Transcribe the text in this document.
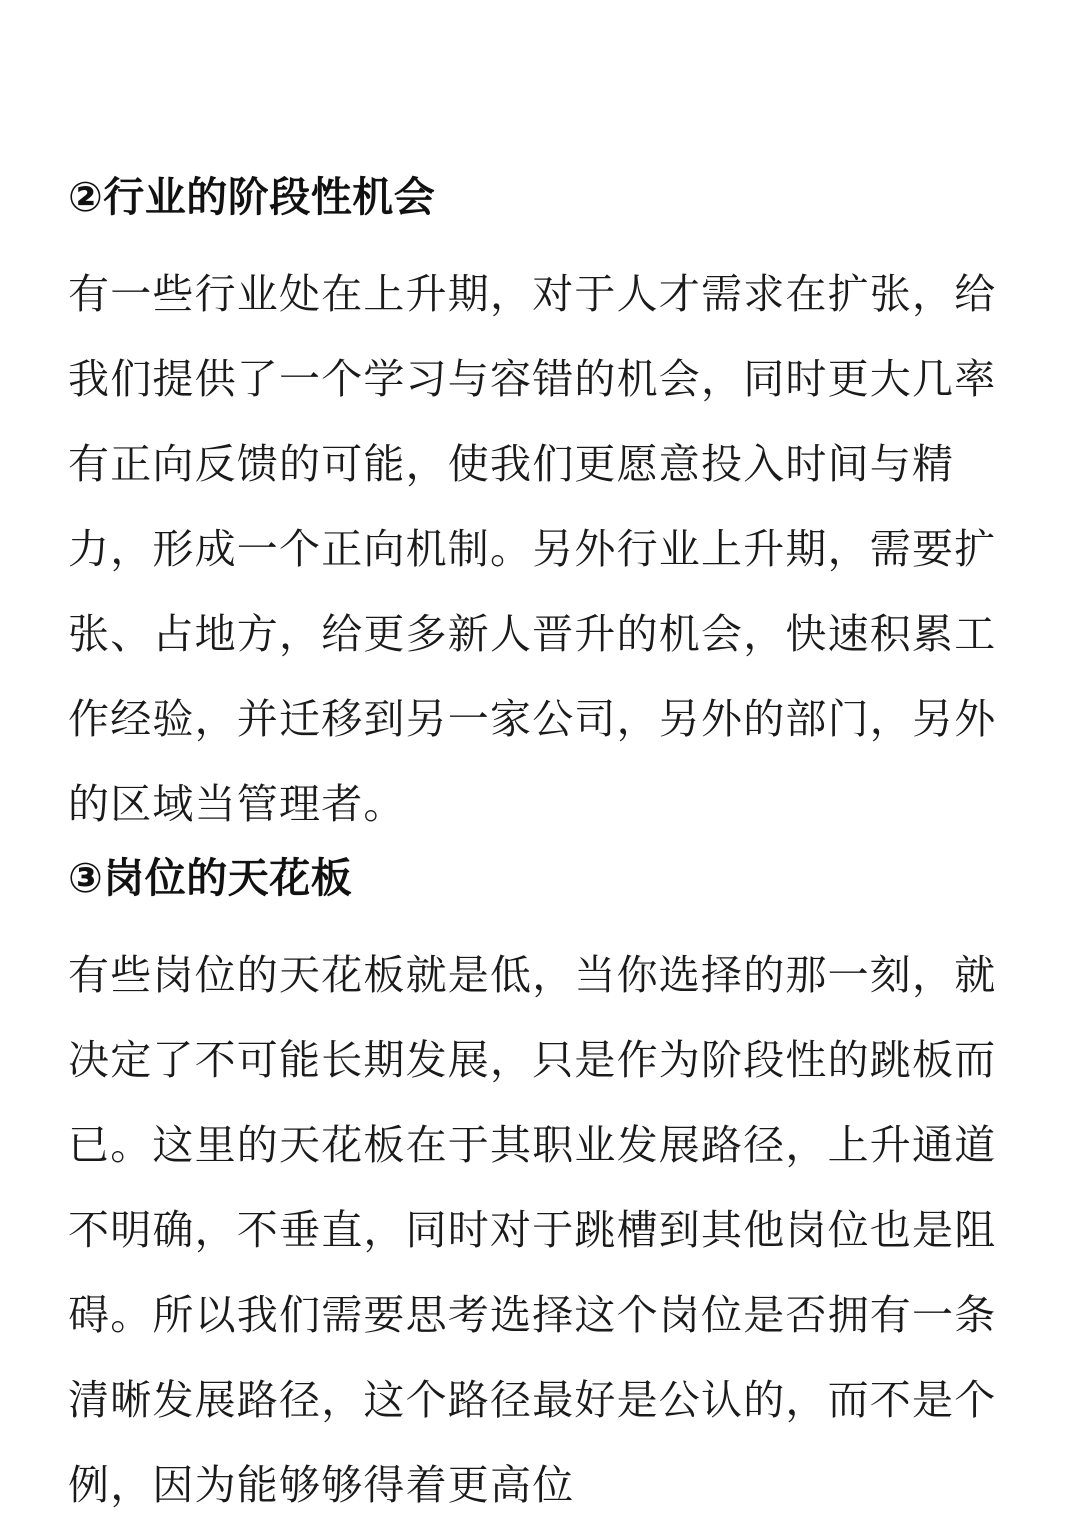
②行业的阶段性机会

有一些行业处在上升期，对于人才需求在扩张，给我们提供了一个学习与容错的机会，同时更大几率有正向反馈的可能，使我们更愿意投入时间与精力，形成一个正向机制。另外行业上升期，需要扩张、占地方，给更多新人晋升的机会，快速积累工作经验，并迁移到另一家公司，另外的部门，另外的区域当管理者。

③岗位的天花板

有些岗位的天花板就是低，当你选择的那一刻，就决定了不可能长期发展，只是作为阶段性的跳板而已。这里的天花板在于其职业发展路径，上升通道不明确，不垂直，同时对于跳槽到其他岗位也是阻碍。所以我们需要思考选择这个岗位是否拥有一条清晰发展路径，这个路径最好是公认的，而不是个例，因为能够够得着更高位
